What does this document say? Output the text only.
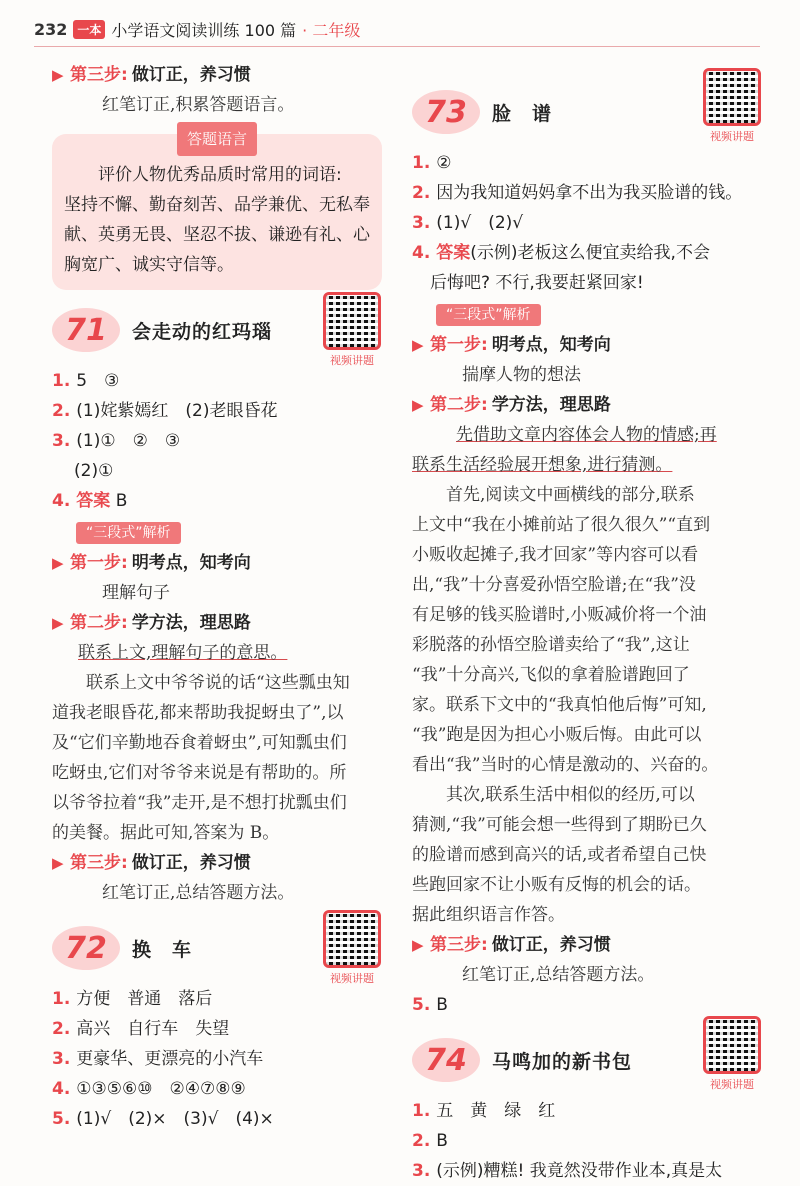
232 一本 小学语文阅读训练 100 篇 · 二年级
▶ 第三步: 做订正，养习惯

红笔订正,积累答题语言。

答题语言
评价人物优秀品质时常用的词语:
坚持不懈、勤奋刻苦、品学兼优、无私奉
献、英勇无畏、坚忍不拔、谦逊有礼、心
胸宽广、诚实守信等。
71	会走动的红玛瑙
视频讲题

1. 5　③

2. (1)姹紫嫣红　(2)老眼昏花

3. (1)①　②　③

(2)①

4. 答案 B

“三段式”解析
▶ 第一步: 明考点，知考向

理解句子

▶ 第二步: 学方法，理思路

联系上文,理解句子的意思。

联系上文中爷爷说的话“这些瓢虫知

道我老眼昏花,都来帮助我捉蚜虫了”,以

及“它们辛勤地吞食着蚜虫”,可知瓢虫们

吃蚜虫,它们对爷爷来说是有帮助的。所

以爷爷拉着“我”走开,是不想打扰瓢虫们

的美餐。据此可知,答案为 B。

▶ 第三步: 做订正，养习惯

红笔订正,总结答题方法。

72	换　车
视频讲题

1. 方便　普通　落后

2. 高兴　自行车　失望

3. 更豪华、更漂亮的小汽车

4. ①③⑤⑥⑩　②④⑦⑧⑨

5. (1)√　(2)×　(3)√　(4)×

73	脸　谱
视频讲题

1. ②

2. 因为我知道妈妈拿不出为我买脸谱的钱。

3. (1)√　(2)√

4. 答案(示例)老板这么便宜卖给我,不会

后悔吧? 不行,我要赶紧回家!

“三段式”解析
▶ 第一步: 明考点，知考向

揣摩人物的想法

▶ 第二步: 学方法，理思路

先借助文章内容体会人物的情感;再

联系生活经验展开想象,进行猜测。

首先,阅读文中画横线的部分,联系

上文中“我在小摊前站了很久很久”“直到

小贩收起摊子,我才回家”等内容可以看

出,“我”十分喜爱孙悟空脸谱;在“我”没

有足够的钱买脸谱时,小贩减价将一个油

彩脱落的孙悟空脸谱卖给了“我”,这让

“我”十分高兴,飞似的拿着脸谱跑回了

家。联系下文中的“我真怕他后悔”可知,

“我”跑是因为担心小贩后悔。由此可以

看出“我”当时的心情是激动的、兴奋的。

其次,联系生活中相似的经历,可以

猜测,“我”可能会想一些得到了期盼已久

的脸谱而感到高兴的话,或者希望自己快

些跑回家不让小贩有反悔的机会的话。

据此组织语言作答。

▶ 第三步: 做订正，养习惯

红笔订正,总结答题方法。

5. B

74	马鸣加的新书包
视频讲题

1. 五　黄　绿　红

2. B

3. (示例)糟糕! 我竟然没带作业本,真是太
